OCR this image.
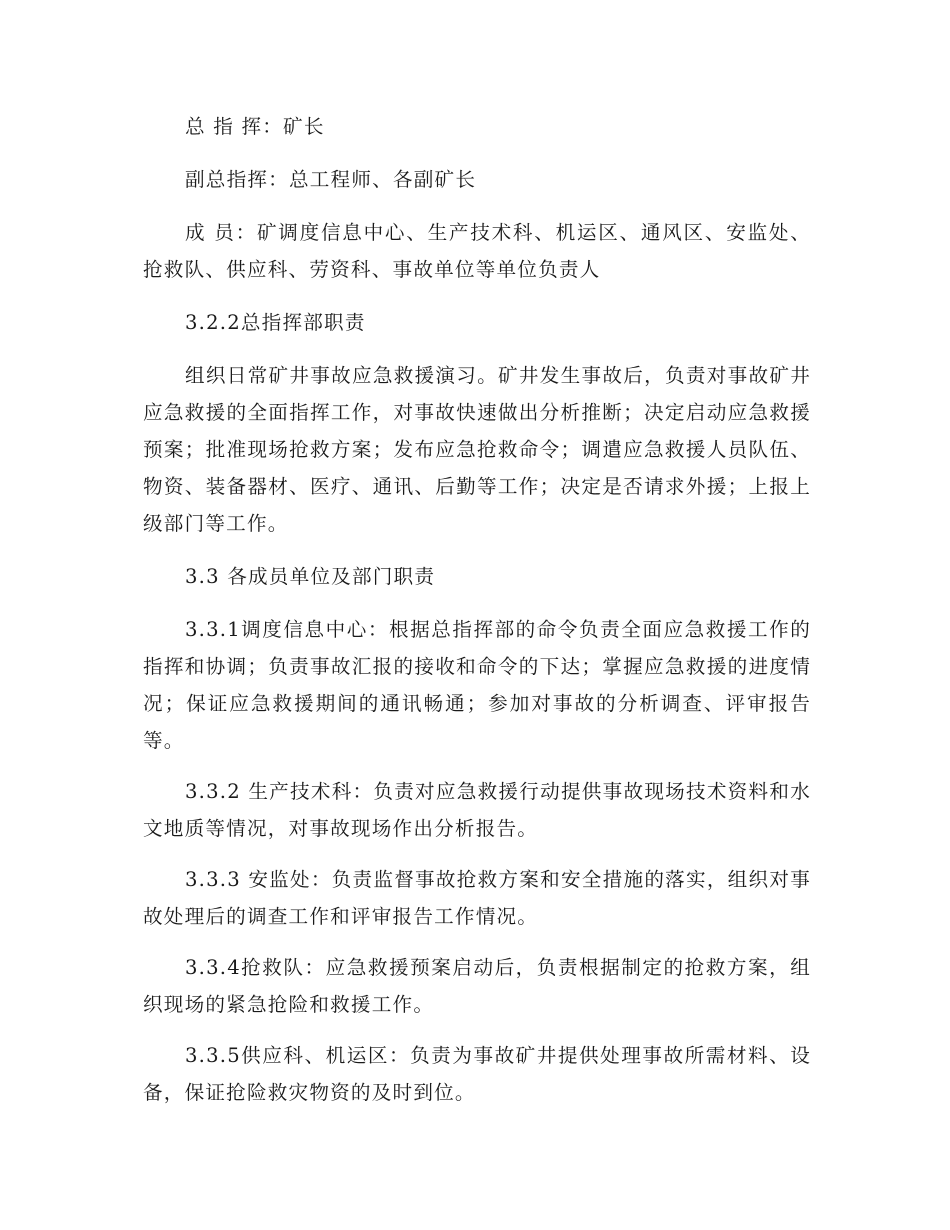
总 指 挥：矿长

副总指挥：总工程师、各副矿长

成 员：矿调度信息中心、生产技术科、机运区、通风区、安监处、抢救队、供应科、劳资科、事故单位等单位负责人

3.2.2总指挥部职责

组织日常矿井事故应急救援演习。矿井发生事故后，负责对事故矿井应急救援的全面指挥工作，对事故快速做出分析推断；决定启动应急救援预案；批准现场抢救方案；发布应急抢救命令；调遣应急救援人员队伍、物资、装备器材、医疗、通讯、后勤等工作；决定是否请求外援；上报上级部门等工作。

3.3 各成员单位及部门职责

3.3.1调度信息中心：根据总指挥部的命令负责全面应急救援工作的指挥和协调；负责事故汇报的接收和命令的下达；掌握应急救援的进度情况；保证应急救援期间的通讯畅通；参加对事故的分析调查、评审报告等。

3.3.2 生产技术科：负责对应急救援行动提供事故现场技术资料和水文地质等情况，对事故现场作出分析报告。

3.3.3 安监处：负责监督事故抢救方案和安全措施的落实，组织对事故处理后的调查工作和评审报告工作情况。

3.3.4抢救队：应急救援预案启动后，负责根据制定的抢救方案，组织现场的紧急抢险和救援工作。

3.3.5供应科、机运区：负责为事故矿井提供处理事故所需材料、设备，保证抢险救灾物资的及时到位。
